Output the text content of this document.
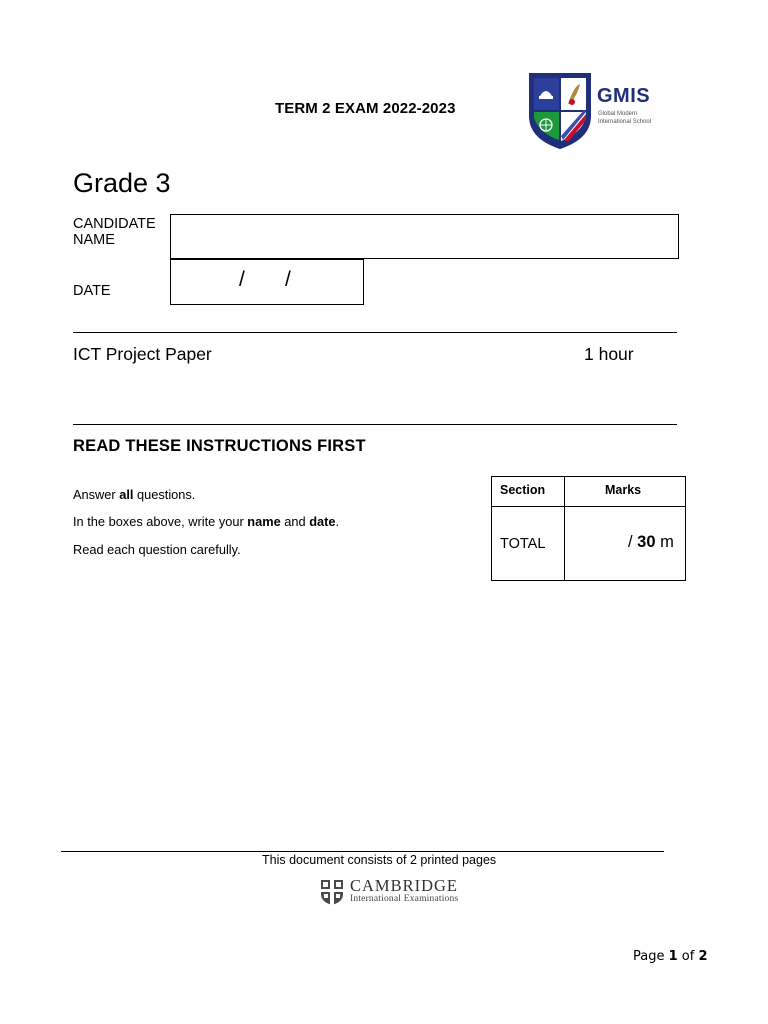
TERM 2 EXAM 2022-2023
GMIS
Global Modern
International School
Grade 3
CANDIDATE
NAME
DATE	/ /
ICT Project Paper	1 hour
READ THESE INSTRUCTIONS FIRST
Answer all questions.
In the boxes above, write your name and date.
Read each question carefully.
Section	Marks
TOTAL	/ 30 m
This document consists of 2 printed pages
CAMBRIDGE
International Examinations
Page 1 of 2
